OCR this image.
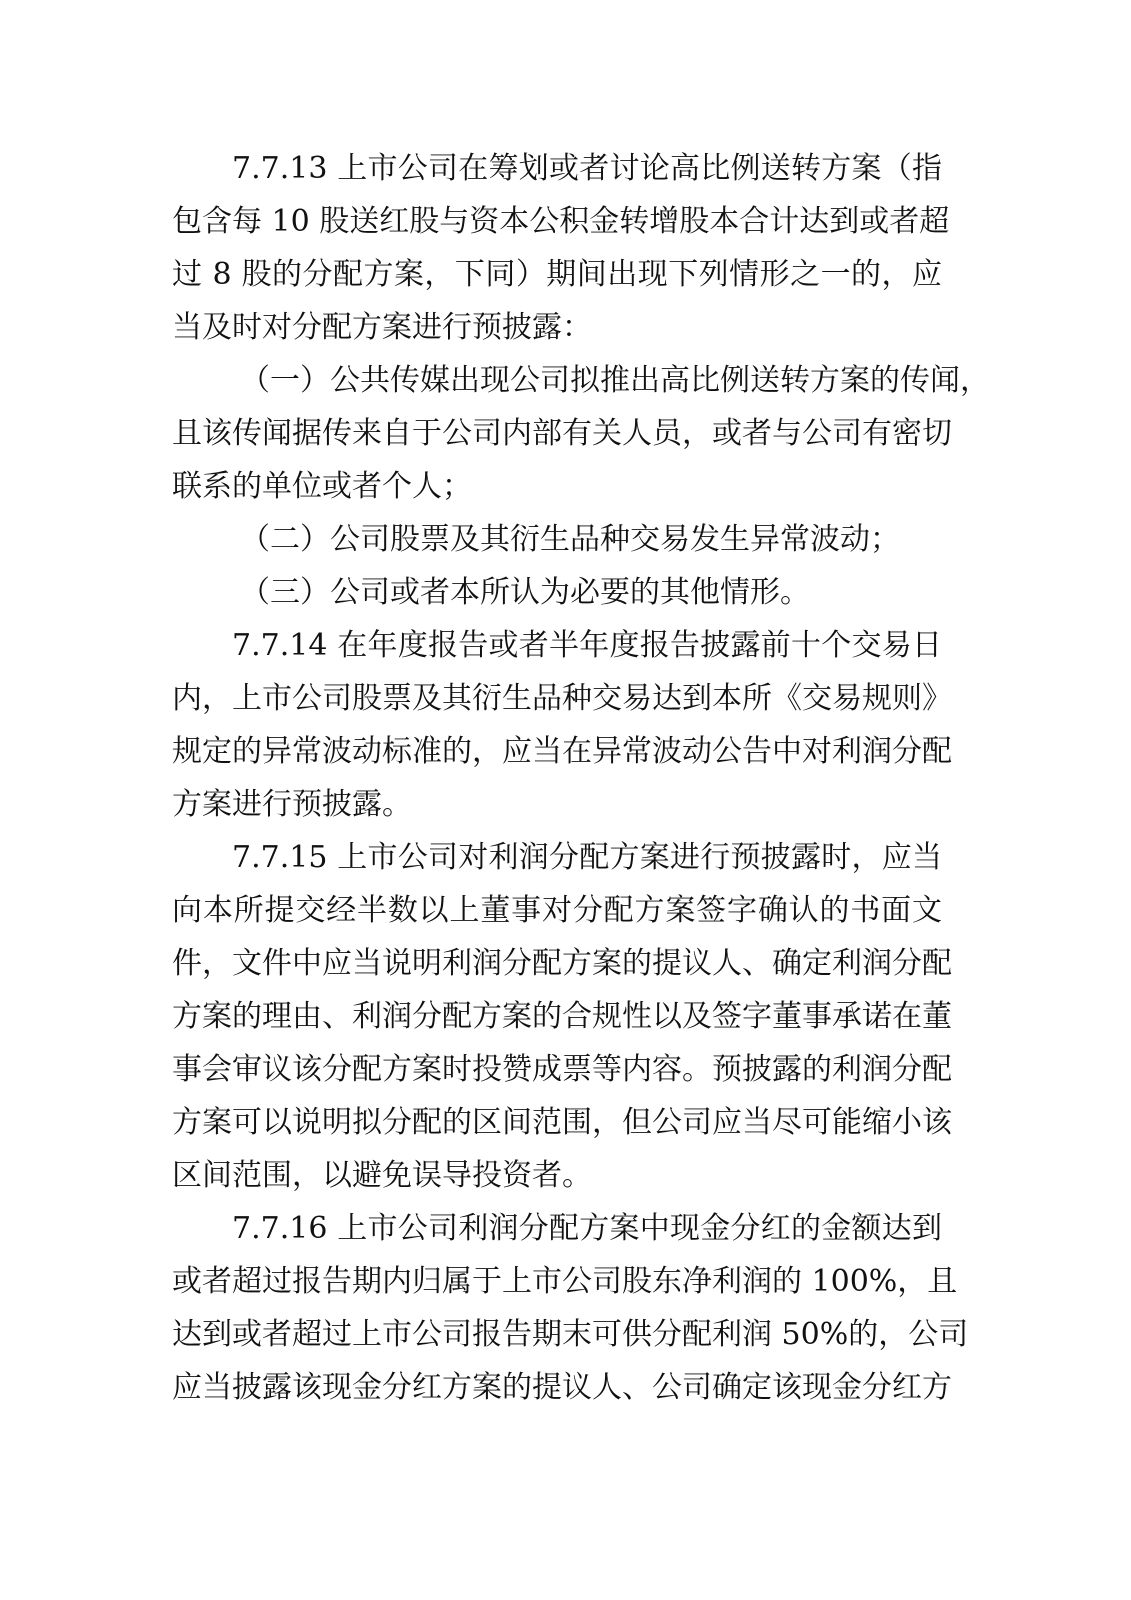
7.7.13 上市公司在筹划或者讨论高比例送转方案（指
包含每 10 股送红股与资本公积金转增股本合计达到或者超
过 8 股的分配方案，下同）期间出现下列情形之一的，应
当及时对分配方案进行预披露：
（一）公共传媒出现公司拟推出高比例送转方案的传闻，
且该传闻据传来自于公司内部有关人员，或者与公司有密切
联系的单位或者个人；
（二）公司股票及其衍生品种交易发生异常波动；
（三）公司或者本所认为必要的其他情形。
7.7.14 在年度报告或者半年度报告披露前十个交易日
内，上市公司股票及其衍生品种交易达到本所《交易规则》
规定的异常波动标准的，应当在异常波动公告中对利润分配
方案进行预披露。
7.7.15 上市公司对利润分配方案进行预披露时，应当
向本所提交经半数以上董事对分配方案签字确认的书面文
件，文件中应当说明利润分配方案的提议人、确定利润分配
方案的理由、利润分配方案的合规性以及签字董事承诺在董
事会审议该分配方案时投赞成票等内容。预披露的利润分配
方案可以说明拟分配的区间范围，但公司应当尽可能缩小该
区间范围，以避免误导投资者。
7.7.16 上市公司利润分配方案中现金分红的金额达到
或者超过报告期内归属于上市公司股东净利润的 100%，且
达到或者超过上市公司报告期末可供分配利润 50%的，公司
应当披露该现金分红方案的提议人、公司确定该现金分红方
